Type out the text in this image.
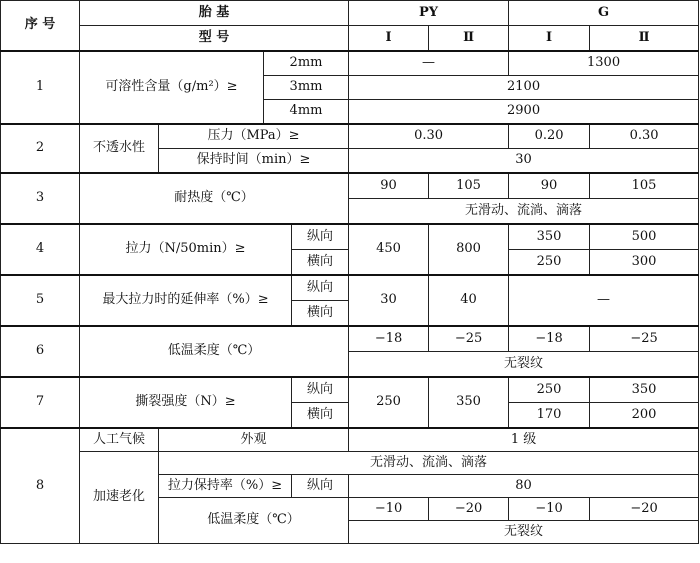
序 号	胎 基				PY		G	
	型 号				Ⅰ	Ⅱ	Ⅰ	Ⅱ
1	可溶性含量（g/m²）≥		2mm		—		1300	
			3mm		2100			
			4mm		2900			
2	不透水性	压力（MPa）≥			0.30		0.20	0.30
		保持时间（min）≥			30			
3	耐热度（℃）				90	105	90	105
					无滑动、流淌、滴落			
4	拉力（N/50min）≥			纵向	450	800	350	500
				横向			250	300
5	最大拉力时的延伸率（%）≥			纵向	30	40	—	
				横向				
6	低温柔度（℃）				−18	−25	−18	−25
					无裂纹			
7	撕裂强度（N）≥			纵向	250	350	250	350
				横向			170	200
8	人工气候	外观			1 级			
	加速老化	无滑动、流淌、滴落						
		拉力保持率（%）≥		纵向	80			
		低温柔度（℃）			−10	−20	−10	−20
					无裂纹			
